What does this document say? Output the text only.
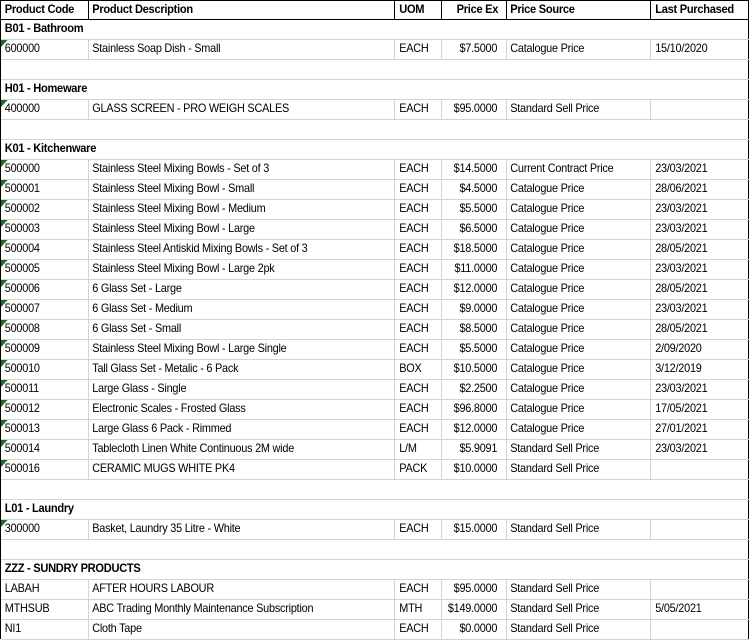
Product Code	Product Description	UOM	Price Ex	Price Source	Last Purchased
B01 - Bathroom					
600000	Stainless Soap Dish - Small	EACH	$7.5000	Catalogue Price	15/10/2020

H01 - Homeware					
400000	GLASS SCREEN - PRO WEIGH SCALES	EACH	$95.0000	Standard Sell Price	

K01 - Kitchenware					
500000	Stainless Steel Mixing Bowls - Set of 3	EACH	$14.5000	Current Contract Price	23/03/2021
500001	Stainless Steel Mixing Bowl - Small	EACH	$4.5000	Catalogue Price	28/06/2021
500002	Stainless Steel Mixing Bowl - Medium	EACH	$5.5000	Catalogue Price	23/03/2021
500003	Stainless Steel Mixing Bowl - Large	EACH	$6.5000	Catalogue Price	23/03/2021
500004	Stainless Steel Antiskid Mixing Bowls - Set of 3	EACH	$18.5000	Catalogue Price	28/05/2021
500005	Stainless Steel Mixing Bowl - Large 2pk	EACH	$11.0000	Catalogue Price	23/03/2021
500006	6 Glass Set - Large	EACH	$12.0000	Catalogue Price	28/05/2021
500007	6 Glass Set - Medium	EACH	$9.0000	Catalogue Price	23/03/2021
500008	6 Glass Set - Small	EACH	$8.5000	Catalogue Price	28/05/2021
500009	Stainless Steel Mixing Bowl - Large Single	EACH	$5.5000	Catalogue Price	2/09/2020
500010	Tall Glass Set - Metalic - 6 Pack	BOX	$10.5000	Catalogue Price	3/12/2019
500011	Large Glass - Single	EACH	$2.2500	Catalogue Price	23/03/2021
500012	Electronic Scales - Frosted Glass	EACH	$96.8000	Catalogue Price	17/05/2021
500013	Large Glass 6 Pack - Rimmed	EACH	$12.0000	Catalogue Price	27/01/2021
500014	Tablecloth Linen White Continuous 2M wide	L/M	$5.9091	Standard Sell Price	23/03/2021
500016	CERAMIC MUGS WHITE PK4	PACK	$10.0000	Standard Sell Price	

L01 - Laundry					
300000	Basket, Laundry 35 Litre - White	EACH	$15.0000	Standard Sell Price	

ZZZ - SUNDRY PRODUCTS					
LABAH	AFTER HOURS LABOUR	EACH	$95.0000	Standard Sell Price	
MTHSUB	ABC Trading Monthly Maintenance Subscription	MTH	$149.0000	Standard Sell Price	5/05/2021
NI1	Cloth Tape	EACH	$0.0000	Standard Sell Price	
